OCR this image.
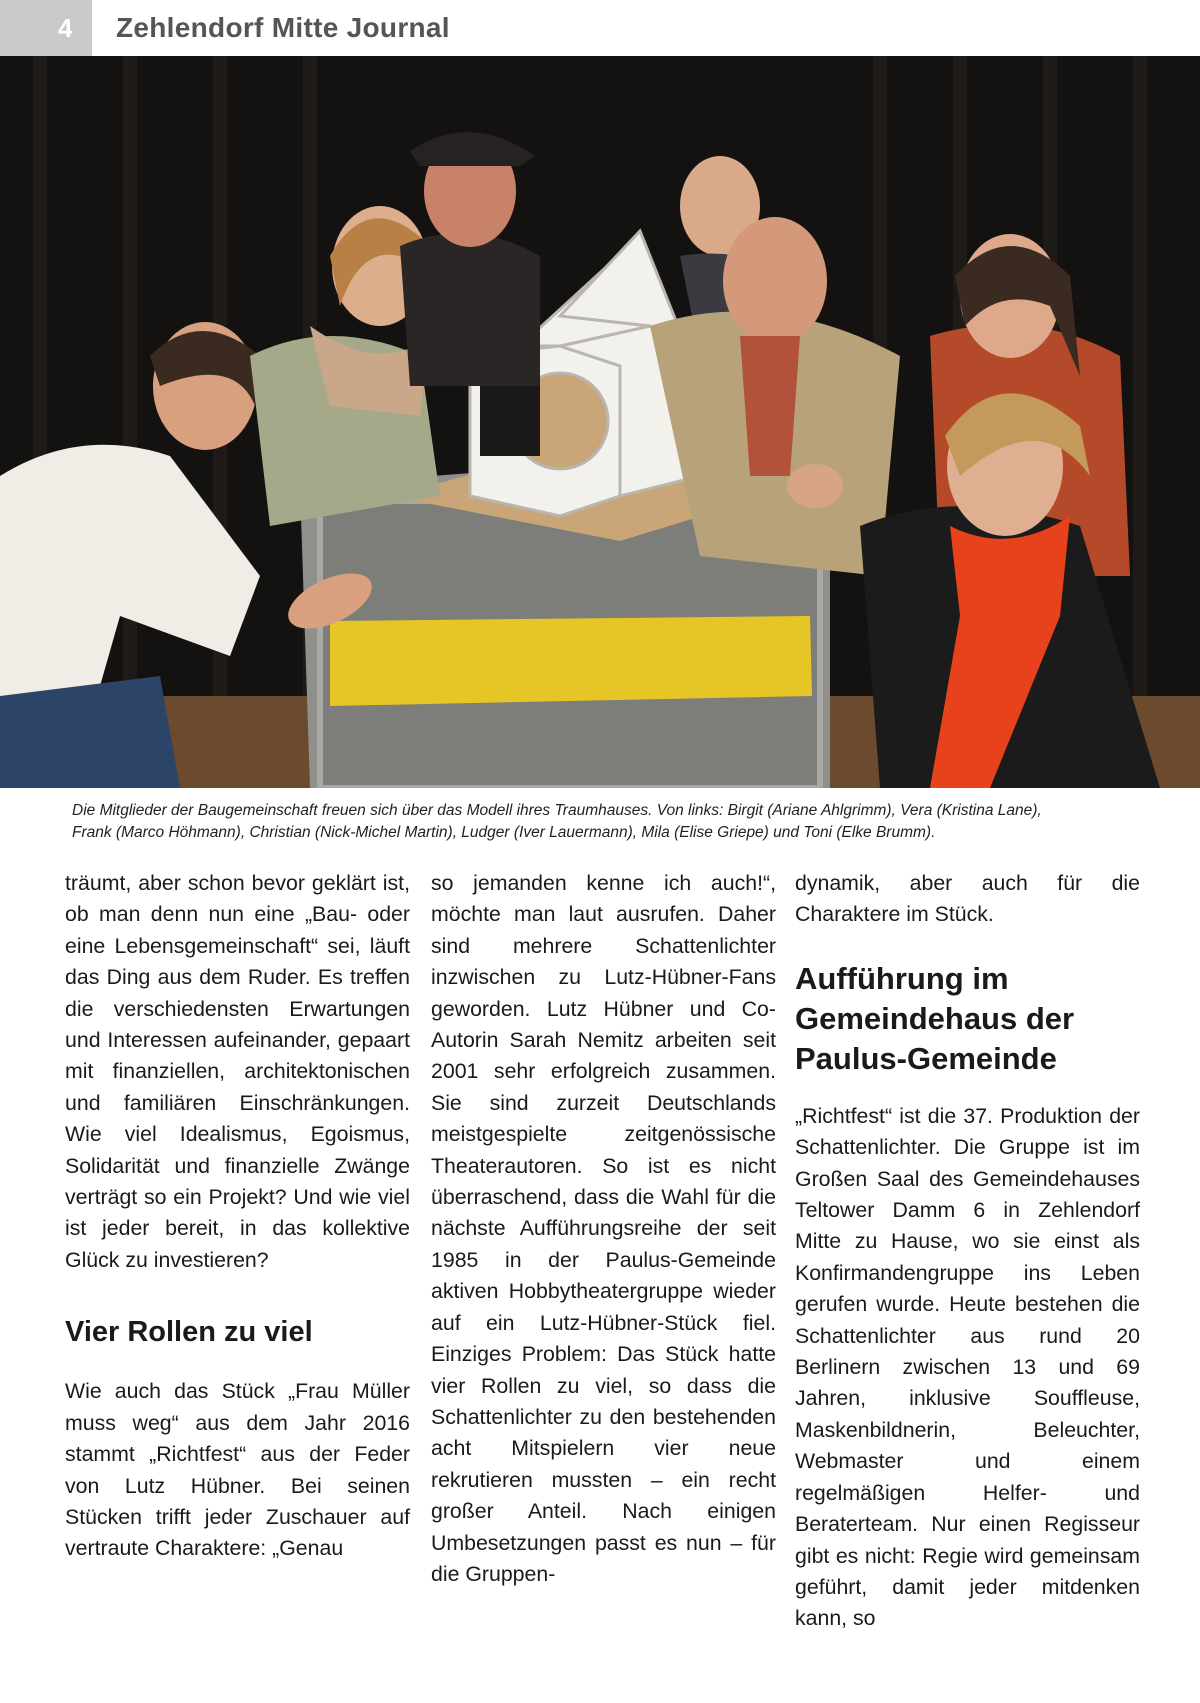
4	Zehlendorf Mitte Journal
Die Mitglieder der Baugemeinschaft freuen sich über das Modell ihres Traumhauses. Von links: Birgit (Ariane Ahlgrimm), Vera (Kristina Lane),
Frank (Marco Höhmann), Christian (Nick-Michel Martin), Ludger (Iver Lauermann), Mila (Elise Griepe) und Toni (Elke Brumm).

träumt, aber schon bevor geklärt ist, ob man denn nun eine „Bau- oder eine Lebensgemeinschaft“ sei, läuft das Ding aus dem Ruder. Es treffen die verschiedensten Erwartungen und Interessen aufeinander, gepaart mit finanziellen, architektonischen und familiären Einschränkungen. Wie viel Idealismus, Egoismus, Solidarität und finanzielle Zwänge verträgt so ein Projekt? Und wie viel ist jeder bereit, in das kollektive Glück zu investieren?

Vier Rollen zu viel

Wie auch das Stück „Frau Müller muss weg“ aus dem Jahr 2016 stammt „Richtfest“ aus der Feder von Lutz Hübner. Bei seinen Stücken trifft jeder Zuschauer auf vertraute Charaktere: „Genau

so jemanden kenne ich auch!“, möchte man laut ausrufen. Daher sind mehrere Schattenlichter inzwischen zu Lutz-Hübner-Fans geworden. Lutz Hübner und Co-Autorin Sarah Nemitz arbeiten seit 2001 sehr erfolgreich zusammen. Sie sind zurzeit Deutschlands meistgespielte zeitgenössische Theaterautoren. So ist es nicht überraschend, dass die Wahl für die nächste Aufführungsreihe der seit 1985 in der Paulus-Gemeinde aktiven Hobbytheatergruppe wieder auf ein Lutz-Hübner-Stück fiel. Einziges Problem: Das Stück hatte vier Rollen zu viel, so dass die Schattenlichter zu den bestehenden acht Mitspielern vier neue rekrutieren mussten – ein recht großer Anteil. Nach einigen Umbesetzungen passt es nun – für die Gruppen-

dynamik, aber auch für die Charaktere im Stück.

Aufführung im Gemeindehaus der Paulus-Gemeinde

„Richtfest“ ist die 37. Produktion der Schattenlichter. Die Gruppe ist im Großen Saal des Gemeindehauses Teltower Damm 6 in Zehlendorf Mitte zu Hause, wo sie einst als Konfirmandengruppe ins Leben gerufen wurde. Heute bestehen die Schattenlichter aus rund 20 Berlinern zwischen 13 und 69 Jahren, inklusive Souffleuse, Maskenbildnerin, Beleuchter, Webmaster und einem regelmäßigen Helfer- und Beraterteam. Nur einen Regisseur gibt es nicht: Regie wird gemeinsam geführt, damit jeder mitdenken kann, so
